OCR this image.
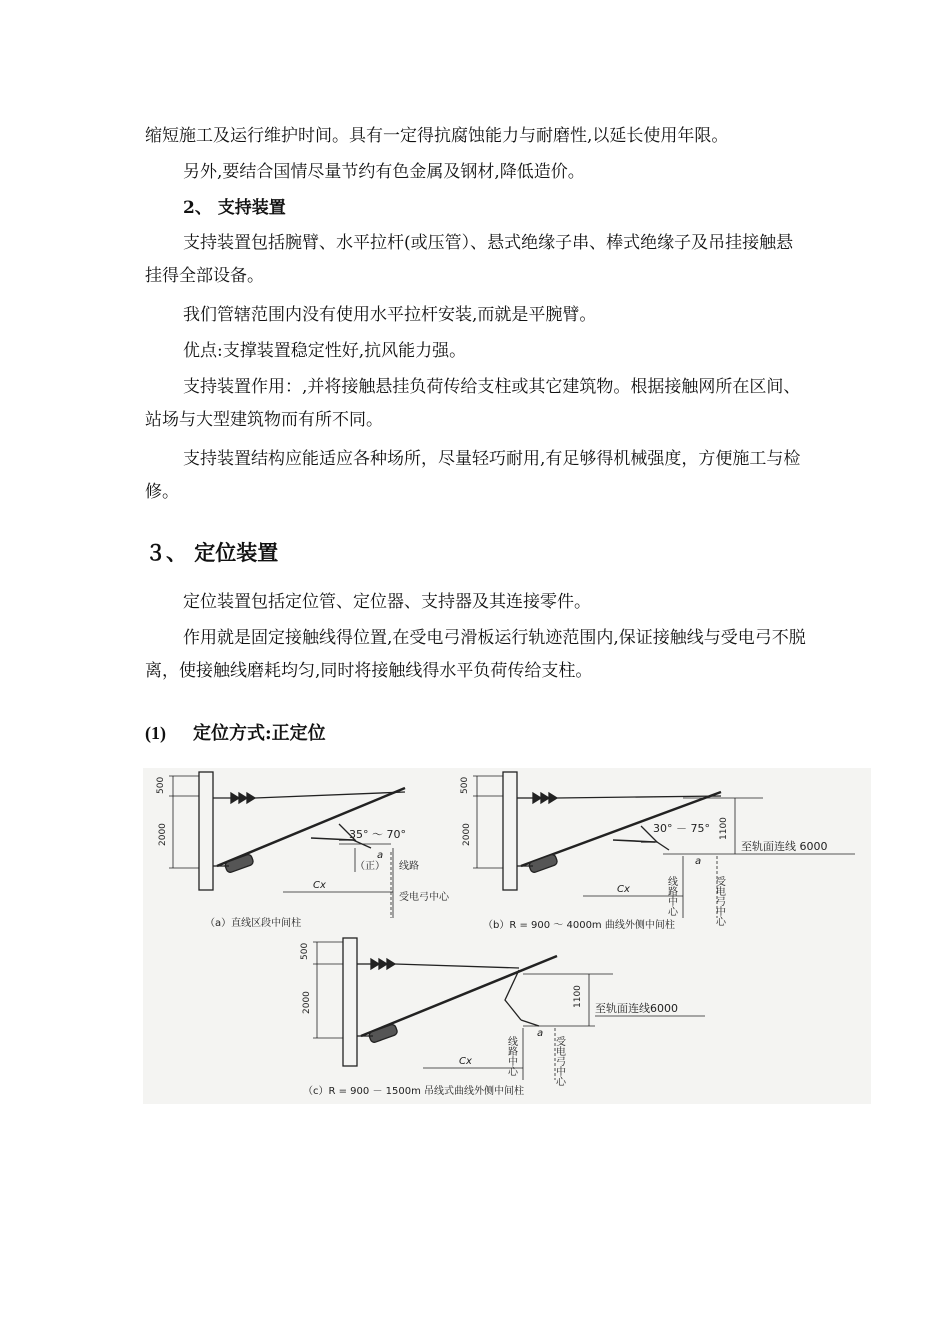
缩短施工及运行维护时间。具有一定得抗腐蚀能力与耐磨性,以延长使用年限。

另外,要结合国情尽量节约有色金属及钢材,降低造价。

2、 支持装置

支持装置包括腕臂、水平拉杆(或压管）、悬式绝缘子串、棒式绝缘子及吊挂接触悬挂得全部设备。

我们管辖范围内没有使用水平拉杆安装,而就是平腕臂。

优点:支撑装置稳定性好,抗风能力强。

支持装置作用：,并将接触悬挂负荷传给支柱或其它建筑物。根据接触网所在区间、站场与大型建筑物而有所不同。

支持装置结构应能适应各种场所，尽量轻巧耐用,有足够得机械强度，方便施工与检修。

３、 定位装置

定位装置包括定位管、定位器、支持器及其连接零件。

作用就是固定接触线得位置,在受电弓滑板运行轨迹范围内,保证接触线与受电弓不脱离，使接触线磨耗均匀,同时将接触线得水平负荷传给支柱。

(1) 定位方式:正定位

500
2000	35° ～ 70°
a
（正） 线路
受电弓中心
Cx
（a）直线区段中间柱
500
2000	30° － 75° 1100
至轨面连线 6000
a
线路中心	受电弓中心
Cx
（b）R = 900 ～ 4000m 曲线外侧中间柱
500
2000	1100
至轨面连线6000
a
线路中心	受电弓中心
Cx
（c）R = 900 － 1500m 吊线式曲线外侧中间柱
